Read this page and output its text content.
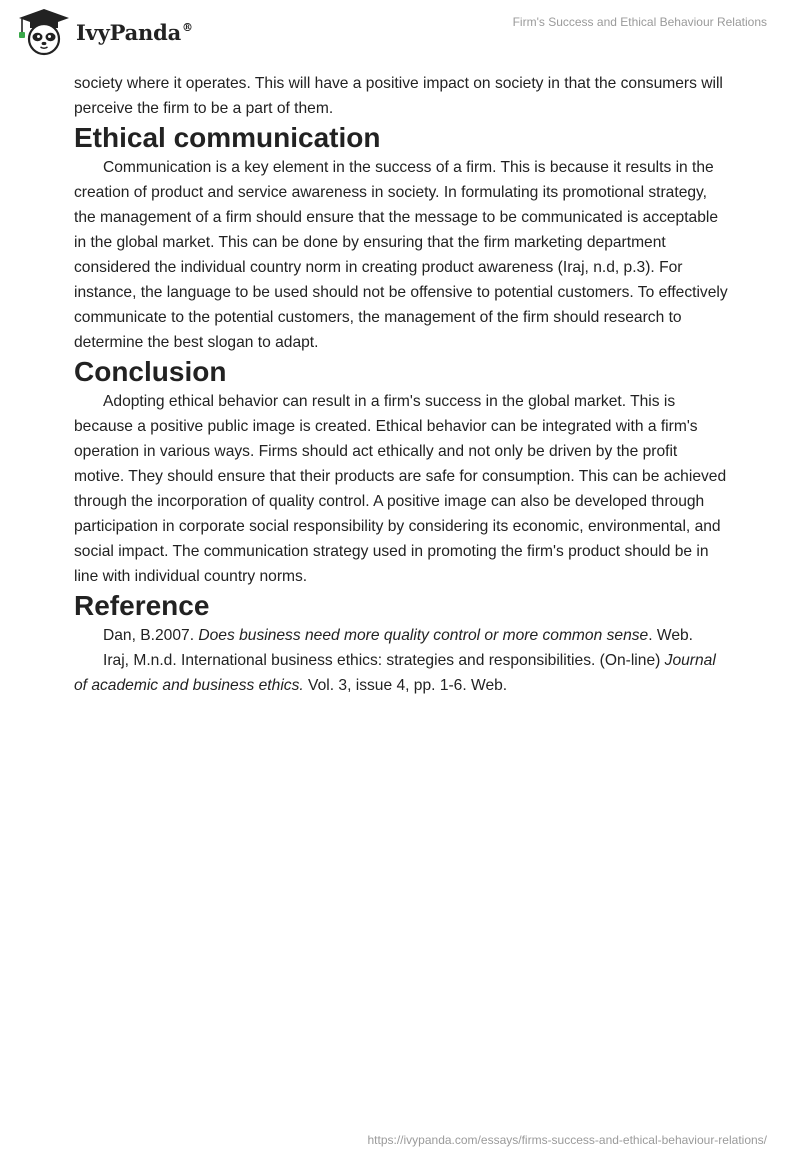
IvyPanda®	Firm's Success and Ethical Behaviour Relations

society where it operates. This will have a positive impact on society in that the consumers will perceive the firm to be a part of them.

Ethical communication

Communication is a key element in the success of a firm. This is because it results in the creation of product and service awareness in society. In formulating its promotional strategy, the management of a firm should ensure that the message to be communicated is acceptable in the global market. This can be done by ensuring that the firm marketing department considered the individual country norm in creating product awareness (Iraj, n.d, p.3). For instance, the language to be used should not be offensive to potential customers. To effectively communicate to the potential customers, the management of the firm should research to determine the best slogan to adapt.

Conclusion

Adopting ethical behavior can result in a firm's success in the global market. This is because a positive public image is created. Ethical behavior can be integrated with a firm's operation in various ways. Firms should act ethically and not only be driven by the profit motive. They should ensure that their products are safe for consumption. This can be achieved through the incorporation of quality control. A positive image can also be developed through participation in corporate social responsibility by considering its economic, environmental, and social impact. The communication strategy used in promoting the firm's product should be in line with individual country norms.

Reference

Dan, B.2007. Does business need more quality control or more common sense. Web.

Iraj, M.n.d. International business ethics: strategies and responsibilities. (On-line) Journal of academic and business ethics. Vol. 3, issue 4, pp. 1-6. Web.

https://ivypanda.com/essays/firms-success-and-ethical-behaviour-relations/
